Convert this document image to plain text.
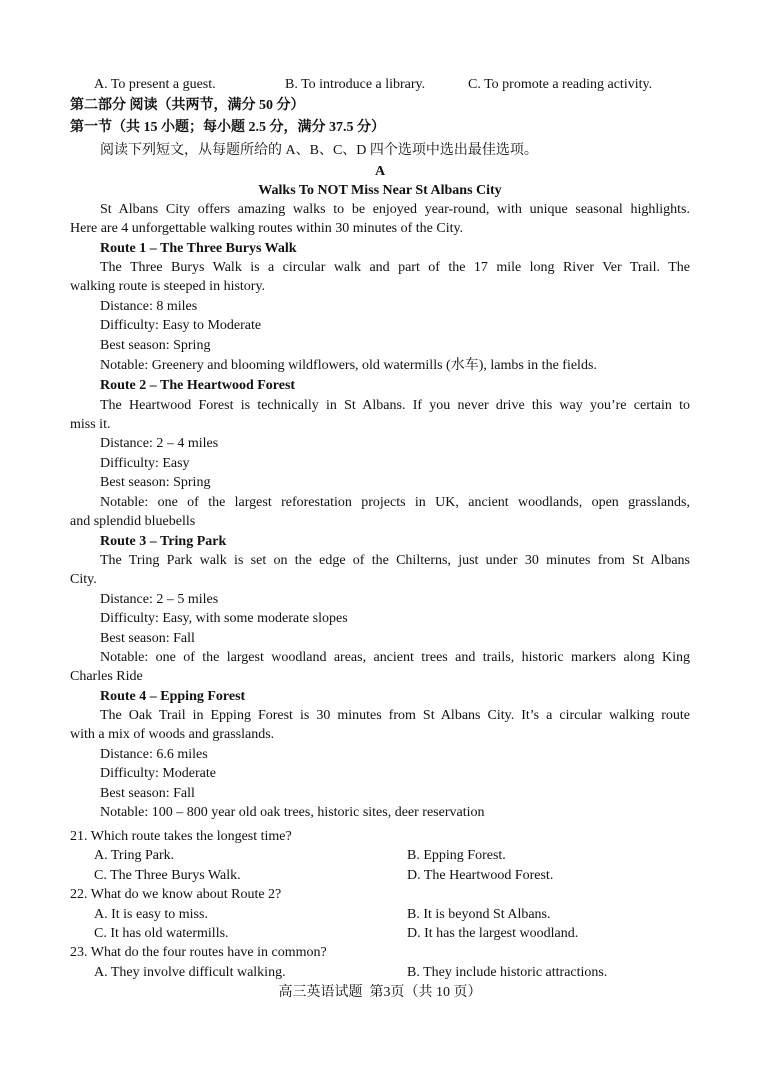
A. To present a guest.	B. To introduce a library.	C. To promote a reading activity.
第二部分 阅读（共两节，满分 50 分）
第一节（共 15 小题；每小题 2.5 分，满分 37.5 分）
阅读下列短文，从每题所给的 A、B、C、D 四个选项中选出最佳选项。
A
Walks To NOT Miss Near St Albans City
St Albans City offers amazing walks to be enjoyed year-round, with unique seasonal highlights.
Here are 4 unforgettable walking routes within 30 minutes of the City.
Route 1 – The Three Burys Walk
The Three Burys Walk is a circular walk and part of the 17 mile long River Ver Trail. The
walking route is steeped in history.
Distance: 8 miles
Difficulty: Easy to Moderate
Best season: Spring
Notable: Greenery and blooming wildflowers, old watermills (水车), lambs in the fields.
Route 2 – The Heartwood Forest
The Heartwood Forest is technically in St Albans. If you never drive this way you’re certain to
miss it.
Distance: 2 – 4 miles
Difficulty: Easy
Best season: Spring
Notable: one of the largest reforestation projects in UK, ancient woodlands, open grasslands,
and splendid bluebells
Route 3 – Tring Park
The Tring Park walk is set on the edge of the Chilterns, just under 30 minutes from St Albans
City.
Distance: 2 – 5 miles
Difficulty: Easy, with some moderate slopes
Best season: Fall
Notable: one of the largest woodland areas, ancient trees and trails, historic markers along King
Charles Ride
Route 4 – Epping Forest
The Oak Trail in Epping Forest is 30 minutes from St Albans City. It’s a circular walking route
with a mix of woods and grasslands.
Distance: 6.6 miles
Difficulty: Moderate
Best season: Fall
Notable: 100 – 800 year old oak trees, historic sites, deer reservation
21. Which route takes the longest time?
A. Tring Park.	B. Epping Forest.
C. The Three Burys Walk.	D. The Heartwood Forest.
22. What do we know about Route 2?
A. It is easy to miss.	B. It is beyond St Albans.
C. It has old watermills.	D. It has the largest woodland.
23. What do the four routes have in common?
A. They involve difficult walking.	B. They include historic attractions.
高三英语试题  第3页（共 10 页）
